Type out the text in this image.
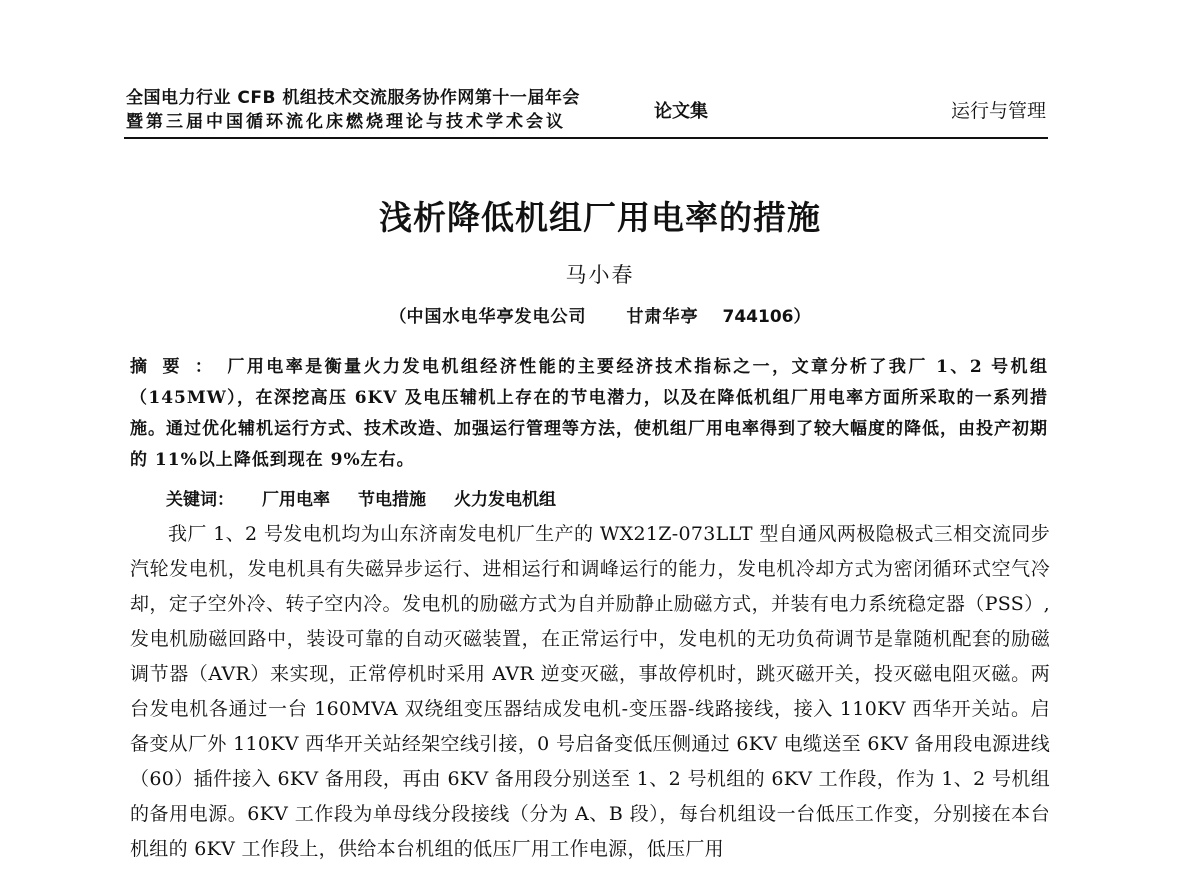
全国电力行业 CFB 机组技术交流服务协作网第十一届年会
暨第三届中国循环流化床燃烧理论与技术学术会议	论文集	运行与管理
浅析降低机组厂用电率的措施
马小春
（中国水电华亭发电公司 甘肃华亭 744106）
摘要：厂用电率是衡量火力发电机组经济性能的主要经济技术指标之一，文章分析了我厂 1、2 号机组（145MW），在深挖高压 6KV 及电压辅机上存在的节电潜力，以及在降低机组厂用电率方面所采取的一系列措施。通过优化辅机运行方式、技术改造、加强运行管理等方法，使机组厂用电率得到了较大幅度的降低，由投产初期的 11%以上降低到现在 9%左右。
关键词： 厂用电率 节电措施 火力发电机组
我厂 1、2 号发电机均为山东济南发电机厂生产的 WX21Z-073LLT 型自通风两极隐极式三相交流同步汽轮发电机，发电机具有失磁异步运行、进相运行和调峰运行的能力，发电机冷却方式为密闭循环式空气冷却，定子空外冷、转子空内冷。发电机的励磁方式为自并励静止励磁方式，并装有电力系统稳定器（PSS）,发电机励磁回路中，装设可靠的自动灭磁装置，在正常运行中，发电机的无功负荷调节是靠随机配套的励磁调节器（AVR）来实现，正常停机时采用 AVR 逆变灭磁，事故停机时，跳灭磁开关，投灭磁电阻灭磁。两台发电机各通过一台 160MVA 双绕组变压器结成发电机-变压器-线路接线，接入 110KV 西华开关站。启备变从厂外 110KV 西华开关站经架空线引接，0 号启备变低压侧通过 6KV 电缆送至 6KV 备用段电源进线（60）插件接入 6KV 备用段，再由 6KV 备用段分别送至 1、2 号机组的 6KV 工作段，作为 1、2 号机组的备用电源。6KV 工作段为单母线分段接线（分为 A、B 段），每台机组设一台低压工作变，分别接在本台机组的 6KV 工作段上，供给本台机组的低压厂用工作电源，低压厂用
